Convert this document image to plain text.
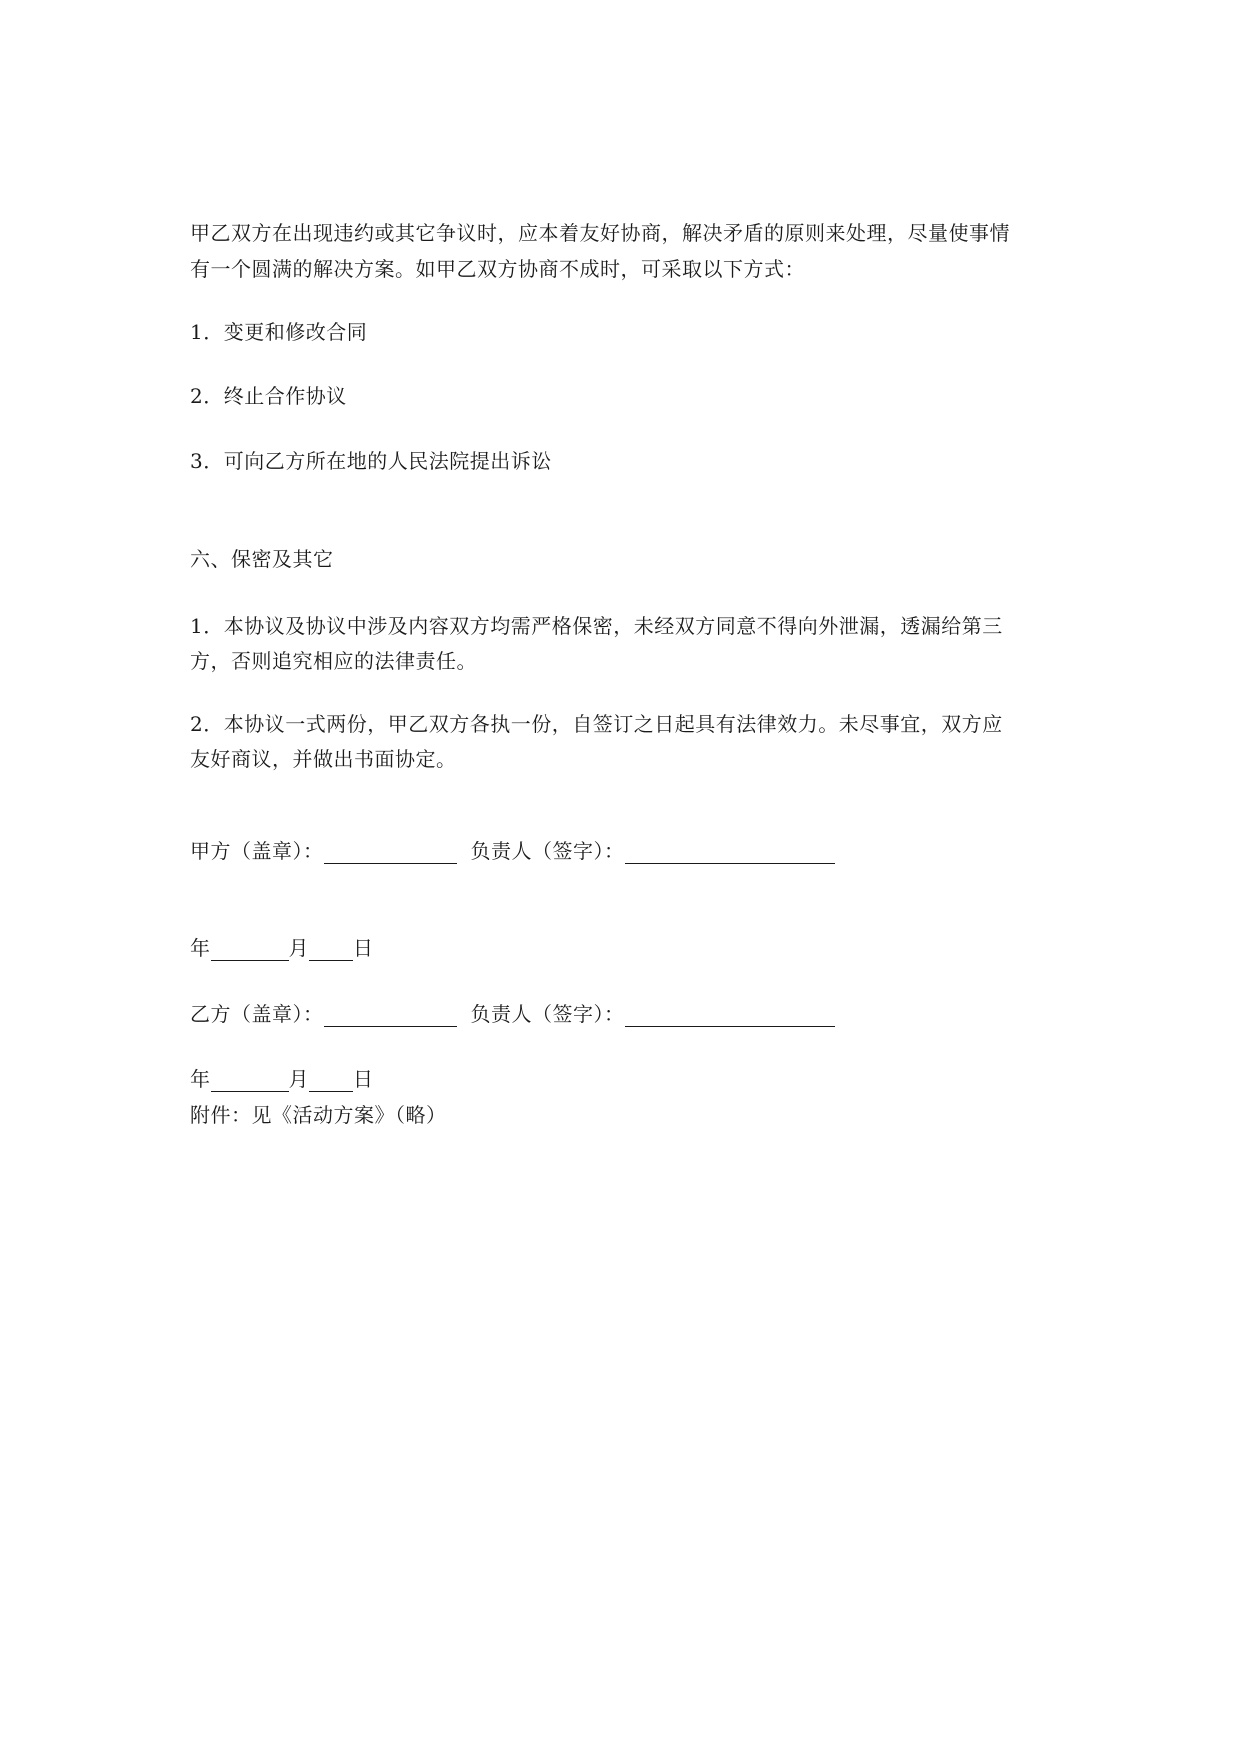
甲乙双方在出现违约或其它争议时，应本着友好协商，解决矛盾的原则来处理，尽量使事情
有一个圆满的解决方案。如甲乙双方协商不成时，可采取以下方式：
1．变更和修改合同
2．终止合作协议
3．可向乙方所在地的人民法院提出诉讼
六、保密及其它
1．本协议及协议中涉及内容双方均需严格保密，未经双方同意不得向外泄漏，透漏给第三
方，否则追究相应的法律责任。
2．本协议一式两份，甲乙双方各执一份，自签订之日起具有法律效力。未尽事宜，双方应
友好商议，并做出书面协定。
甲方（盖章）：	负责人（签字）：
年	月 日
乙方（盖章）：	负责人（签字）：
年	月 日
附件：见《活动方案》（略）
